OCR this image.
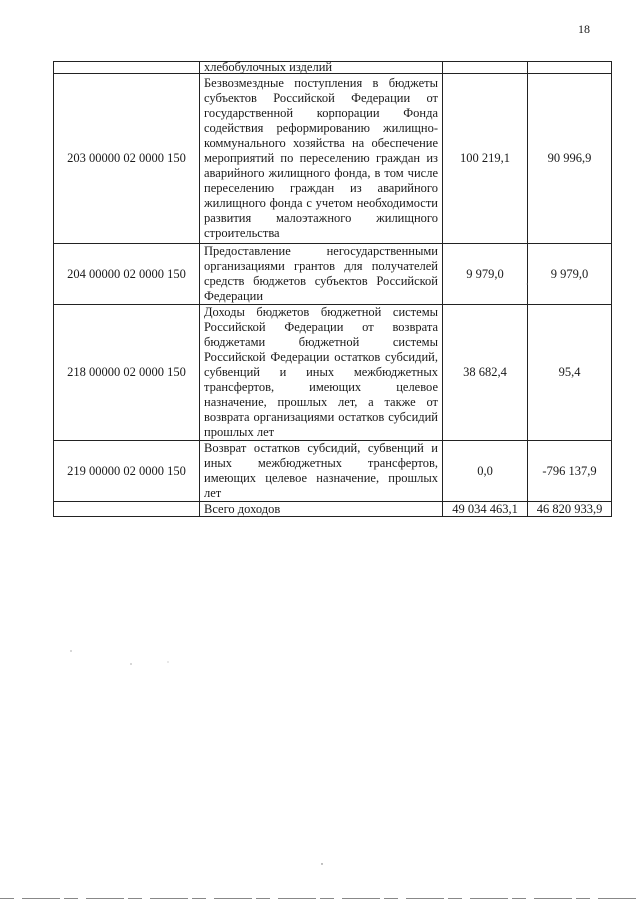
18
	хлебобулочных изделий		
203 00000 02 0000 150	Безвозмездные поступления в бюджеты субъектов Российской Федерации от государственной корпорации Фонда содействия реформированию жилищно-коммунального хозяйства на обеспечение мероприятий по переселению граждан из аварийного жилищного фонда, в том числе переселению граждан из аварийного жилищного фонда с учетом необходимости развития малоэтажного жилищного строительства	100 219,1	90 996,9
204 00000 02 0000 150	Предоставление негосударственными организациями грантов для получателей средств бюджетов субъектов Российской Федерации	9 979,0	9 979,0
218 00000 02 0000 150	Доходы бюджетов бюджетной системы Российской Федерации от возврата бюджетами бюджетной системы Российской Федерации остатков субсидий, субвенций и иных межбюджетных трансфертов, имеющих целевое назначение, прошлых лет, а также от возврата организациями остатков субсидий прошлых лет	38 682,4	95,4
219 00000 02 0000 150	Возврат остатков субсидий, субвенций и иных межбюджетных трансфертов, имеющих целевое назначение, прошлых лет	0,0	-796 137,9
	Всего доходов	49 034 463,1	46 820 933,9
